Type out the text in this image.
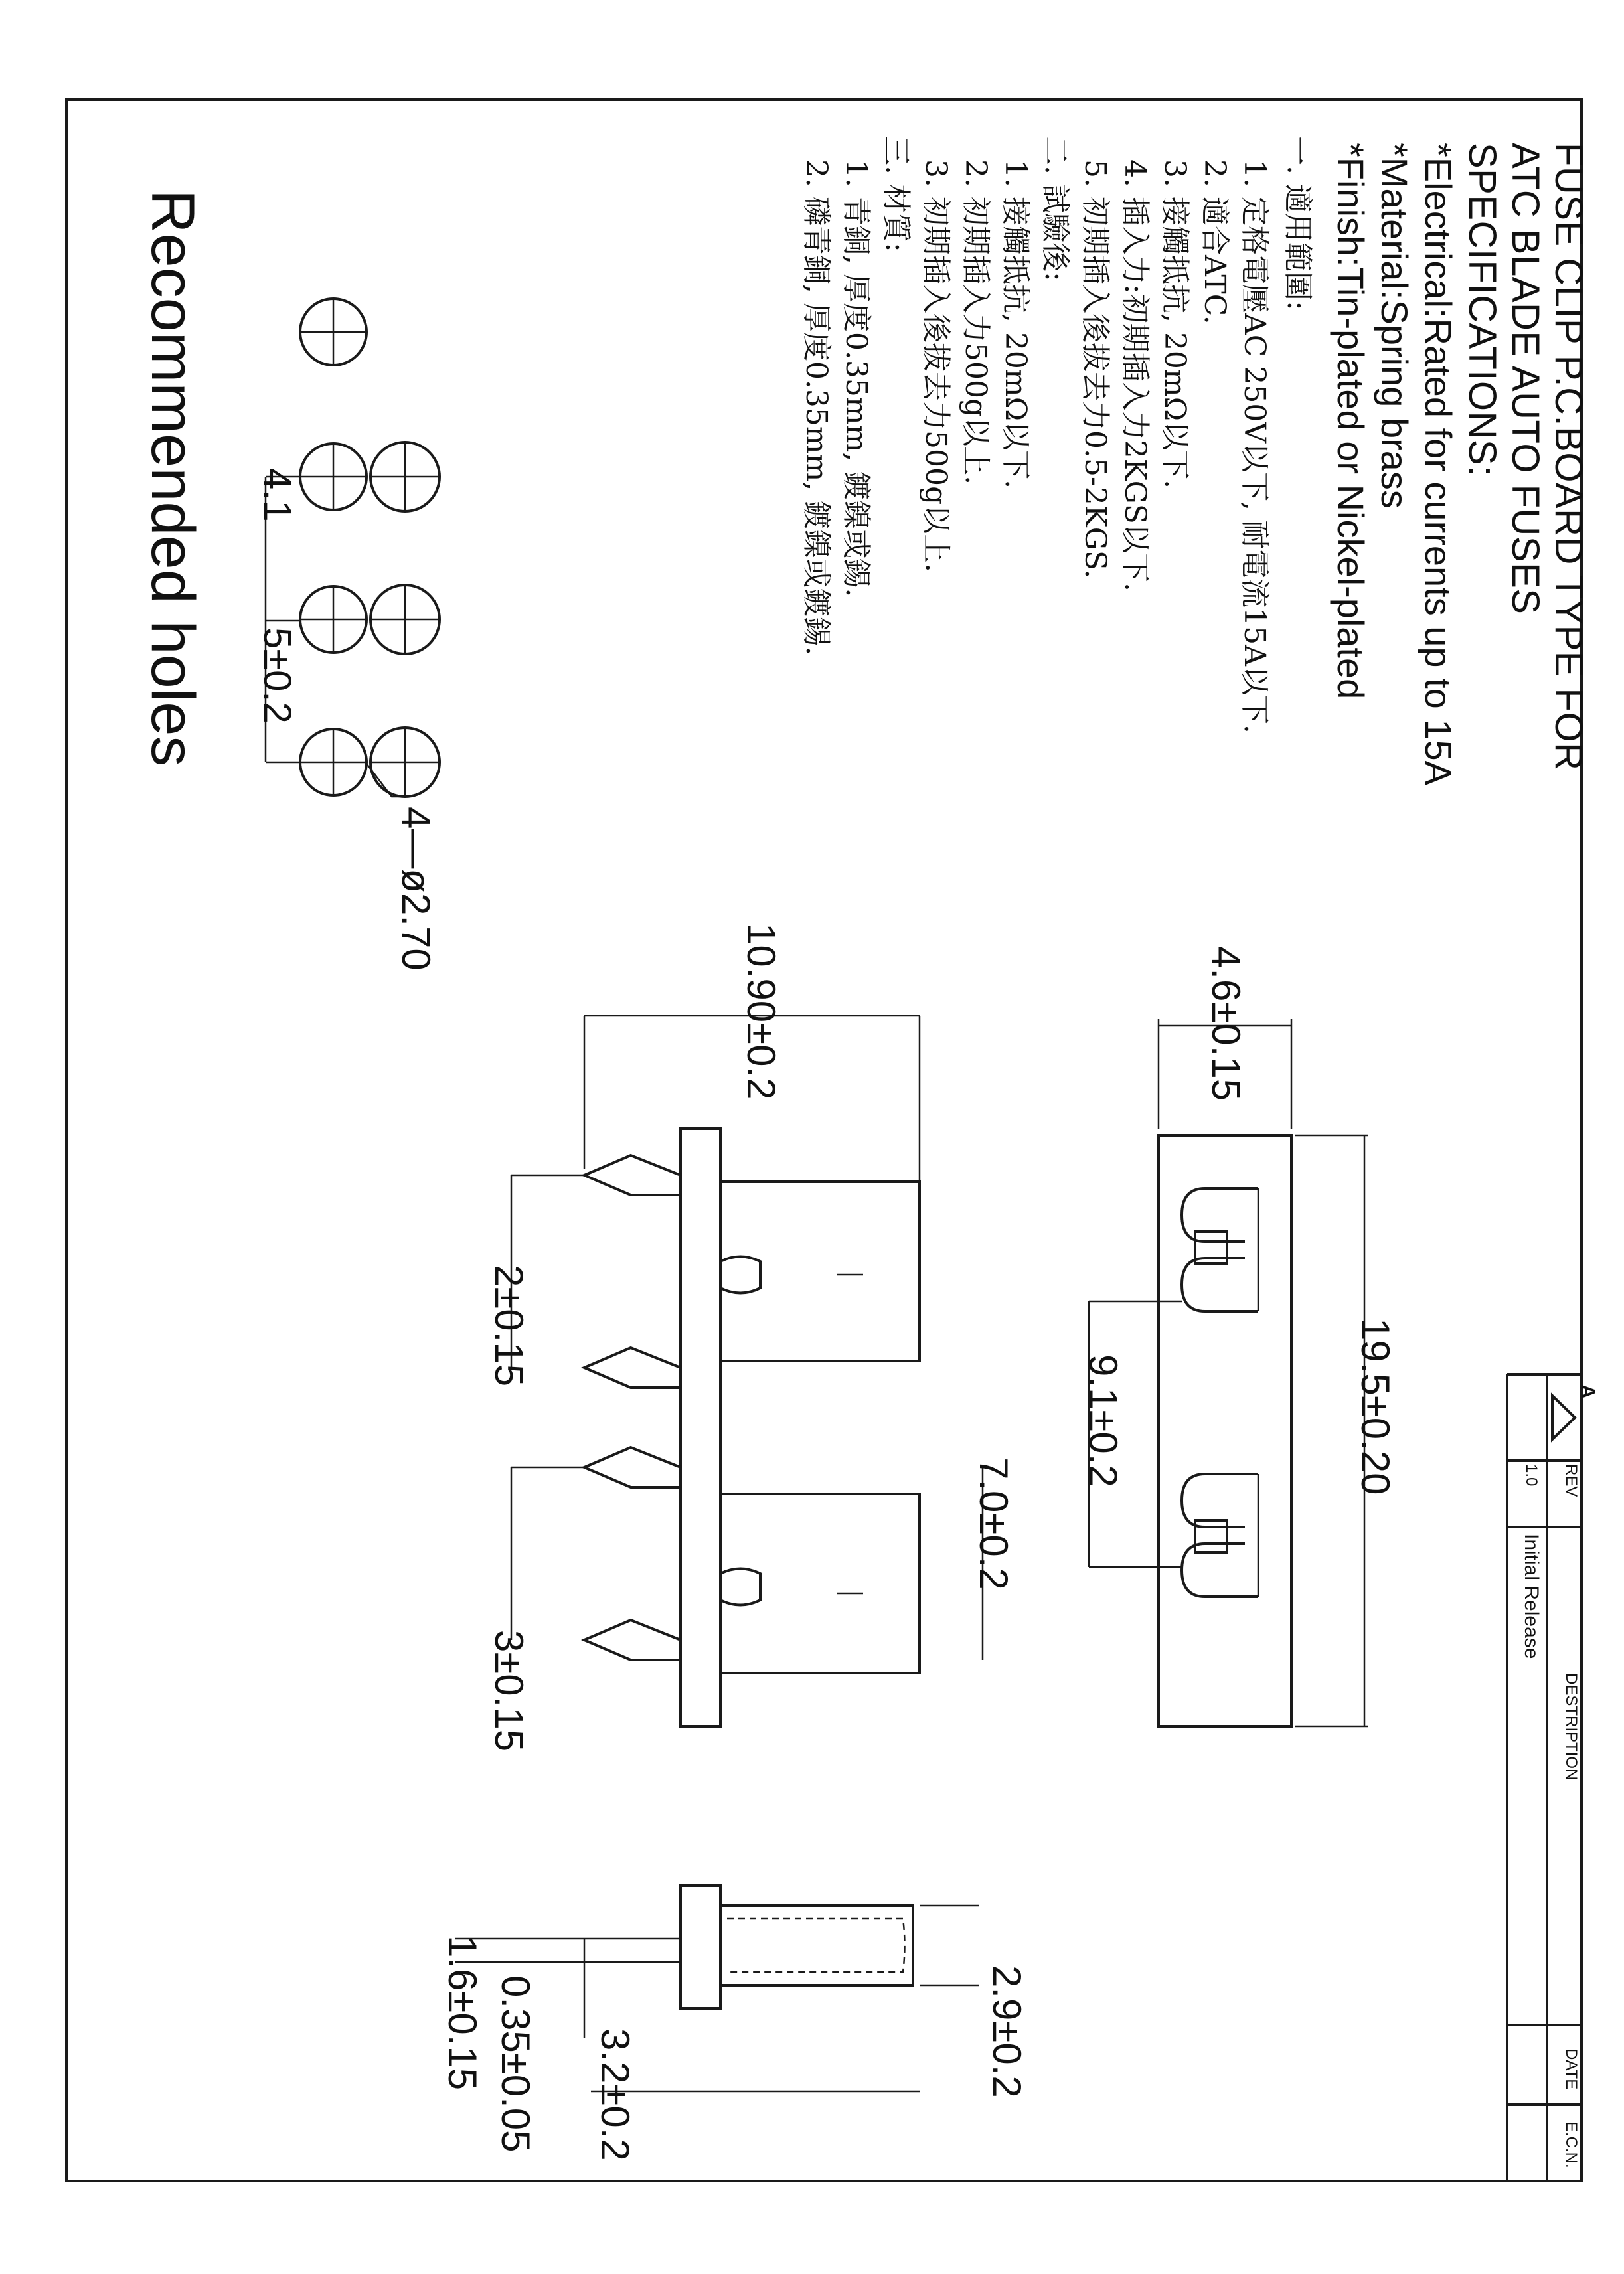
FUSE CLIP P.C.BOARD TYPE FOR
ATC BLADE AUTO FUSES
SPECIFICATIONS:
*Electrical:Rated for currents up to 15A
*Material:Spring brass
*Finish:Tin-plated or Nickel-plated
一. 適用範圍:
1. 定格電壓AC 250V以下, 耐電流15A以下.
2. 適合ATC.
3. 接觸抵抗, 20mΩ以下.
4. 插入力:初期插入力2KGS以下.
5. 初期插入後拔去力0.5-2KGS.
二. 試驗後:
1. 接觸抵抗, 20mΩ以下.
2. 初期插入力500g以上.
3. 初期插入後拔去力500g以上.
三. 材質:
1. 青銅, 厚度0.35mm, 鍍鎳或錫.
2. 磷青銅, 厚度0.35mm, 鍍鎳或鍍錫.
Recommended holes 4.1
5±0.2
4—ø2.70
4.6±0.15
19.5±0.20
9.1±0.2
7.0±0.2
10.90±0.2
2±0.15
3±0.15
2.9±0.2
3.2±0.2
0.35±0.05
1.6±0.15
A
REV
1.0
DESTRIPTION
Initial Release
DATE
E.C.N.
